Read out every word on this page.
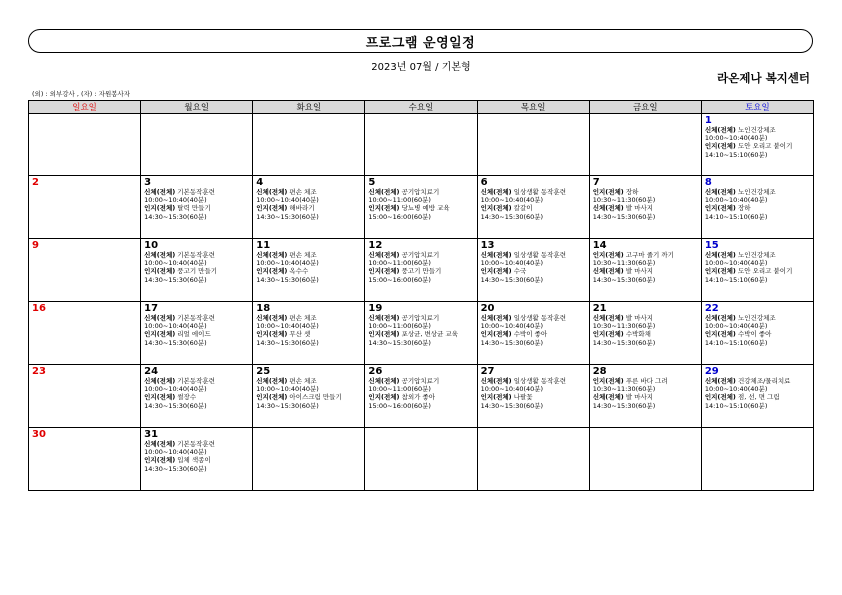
프로그램 운영일정
2023년 07월 / 기본형
라온제나 복지센터
(외) : 외부강사 , (자) : 자원봉사자
일요일	월요일	화요일	수요일	목요일	금요일	토요일

						1
신체(전체) 노인건강체조
10:00~10:40(40분)
인지(전체) 도안 오리고 붙이기
14:10~15:10(60분)

2	3
신체(전체) 기본동작훈련
10:00~10:40(40분)
인지(전체) 탈력 만들기
14:30~15:30(60분)	4
신체(전체) 편손 체조
10:00~10:40(40분)
인지(전체) 해바라기
14:30~15:30(60분)	5
신체(전체) 공기압치료기
10:00~11:00(60분)
인지(전체) 당뇨병 예방 교육
15:00~16:00(60분)	6
신체(전체) 일상생활 동작훈련
10:00~10:40(40분)
인지(전체) 칼갈이
14:30~15:30(60분)	7
인지(전체) 장하
10:30~11:30(60분)
신체(전체) 발 마사지
14:30~15:30(60분)	8
신체(전체) 노인건강체조
10:00~10:40(40분)
인지(전체) 장하
14:10~15:10(60분)

9	10
신체(전체) 기본동작훈련
10:00~10:40(40분)
인지(전체) 풍고기 만들기
14:30~15:30(60분)	11
신체(전체) 편손 체조
10:00~10:40(40분)
인지(전체) 옥수수
14:30~15:30(60분)	12
신체(전체) 공기압치료기
10:00~11:00(60분)
인지(전체) 풍고기 만들기
15:00~16:00(60분)	13
신체(전체) 일상생활 동작훈련
10:00~10:40(40분)
인지(전체) 수국
14:30~15:30(60분)	14
인지(전체) 고구마 줄기 까기
10:30~11:30(60분)
신체(전체) 발 마사지
14:30~15:30(60분)	15
신체(전체) 노인건강체조
10:00~10:40(40분)
인지(전체) 도안 오리고 붙이기
14:10~15:10(60분)

16	17
신체(전체) 기본동작훈련
10:00~10:40(40분)
인지(전체) 리얼 에이드
14:30~15:30(60분)	18
신체(전체) 편손 체조
10:00~10:40(40분)
인지(전체) 무산 셋
14:30~15:30(60분)	19
신체(전체) 공기압치료기
10:00~11:00(60분)
인지(전체) 포상균, 변상균 교육
14:30~15:30(60분)	20
신체(전체) 일상생활 동작훈련
10:00~10:40(40분)
인지(전체) 수박이 좋아
14:30~15:30(60분)	21
신체(전체) 발 마사지
10:30~11:30(60분)
인지(전체) 수박화채
14:30~15:30(60분)	22
신체(전체) 노인건강체조
10:00~10:40(40분)
인지(전체) 수박이 좋아
14:10~15:10(60분)

23	24
신체(전체) 기본동작훈련
10:00~10:40(40분)
인지(전체) 썰장수
14:30~15:30(60분)	25
신체(전체) 편손 체조
10:00~10:40(40분)
인지(전체) 아이스크림 만들기
14:30~15:30(60분)	26
신체(전체) 공기압치료기
10:00~11:00(60분)
인지(전체) 참외가 좋아
15:00~16:00(60분)	27
신체(전체) 일상생활 동작훈련
10:00~10:40(40분)
인지(전체) 나팔꽃
14:30~15:30(60분)	28
인지(전체) 푸른 바다 그려
10:30~11:30(60분)
신체(전체) 발 마사지
14:30~15:30(60분)	29
신체(전체) 건강체조/물리치료
10:00~10:40(40분)
인지(전체) 점, 선, 면 그림
14:10~15:10(60분)

30	31
신체(전체) 기본동작훈련
10:00~10:40(40분)
인지(전체) 입체 색종이
14:30~15:30(60분)					
